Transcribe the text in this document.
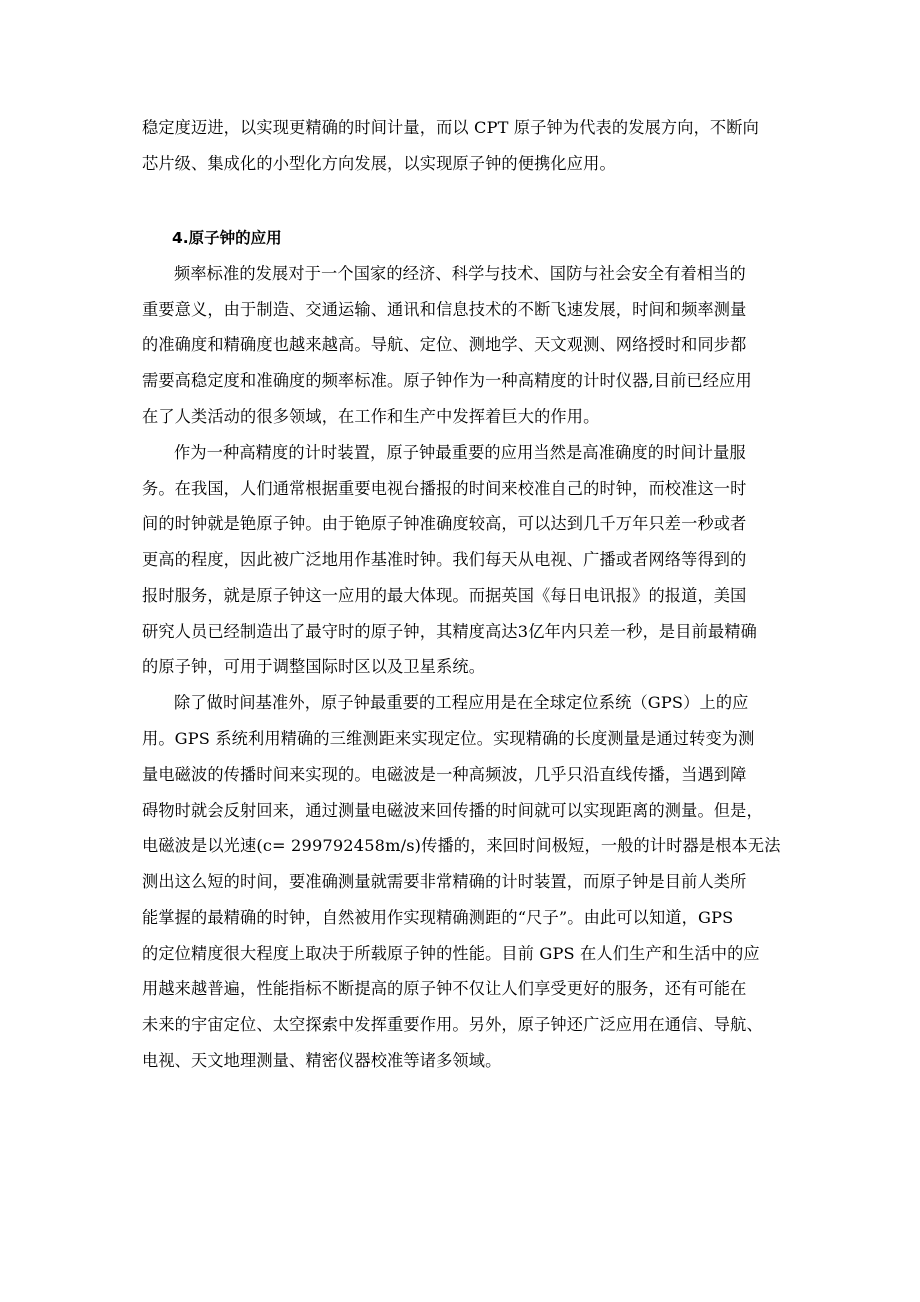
稳定度迈进，以实现更精确的时间计量，而以 CPT 原子钟为代表的发展方向，不断向
芯片级、集成化的小型化方向发展，以实现原子钟的便携化应用。
4.原子钟的应用
频率标准的发展对于一个国家的经济、科学与技术、国防与社会安全有着相当的
重要意义，由于制造、交通运输、通讯和信息技术的不断飞速发展，时间和频率测量
的准确度和精确度也越来越高。导航、定位、测地学、天文观测、网络授时和同步都
需要高稳定度和准确度的频率标准。原子钟作为一种高精度的计时仪器,目前已经应用
在了人类活动的很多领域，在工作和生产中发挥着巨大的作用。
作为一种高精度的计时装置，原子钟最重要的应用当然是高准确度的时间计量服
务。在我国，人们通常根据重要电视台播报的时间来校准自己的时钟，而校准这一时
间的时钟就是铯原子钟。由于铯原子钟准确度较高，可以达到几千万年只差一秒或者
更高的程度，因此被广泛地用作基准时钟。我们每天从电视、广播或者网络等得到的
报时服务，就是原子钟这一应用的最大体现。而据英国《每日电讯报》的报道，美国
研究人员已经制造出了最守时的原子钟，其精度高达3亿年内只差一秒，是目前最精确
的原子钟，可用于调整国际时区以及卫星系统。
除了做时间基准外，原子钟最重要的工程应用是在全球定位系统（GPS）上的应
用。GPS 系统利用精确的三维测距来实现定位。实现精确的长度测量是通过转变为测
量电磁波的传播时间来实现的。电磁波是一种高频波，几乎只沿直线传播，当遇到障
碍物时就会反射回来，通过测量电磁波来回传播的时间就可以实现距离的测量。但是，
电磁波是以光速(c= 299792458m/s)传播的，来回时间极短，一般的计时器是根本无法
测出这么短的时间，要准确测量就需要非常精确的计时装置，而原子钟是目前人类所
能掌握的最精确的时钟，自然被用作实现精确测距的“尺子”。由此可以知道，GPS
的定位精度很大程度上取决于所载原子钟的性能。目前 GPS 在人们生产和生活中的应
用越来越普遍，性能指标不断提高的原子钟不仅让人们享受更好的服务，还有可能在
未来的宇宙定位、太空探索中发挥重要作用。另外，原子钟还广泛应用在通信、导航、
电视、天文地理测量、精密仪器校准等诸多领域。
